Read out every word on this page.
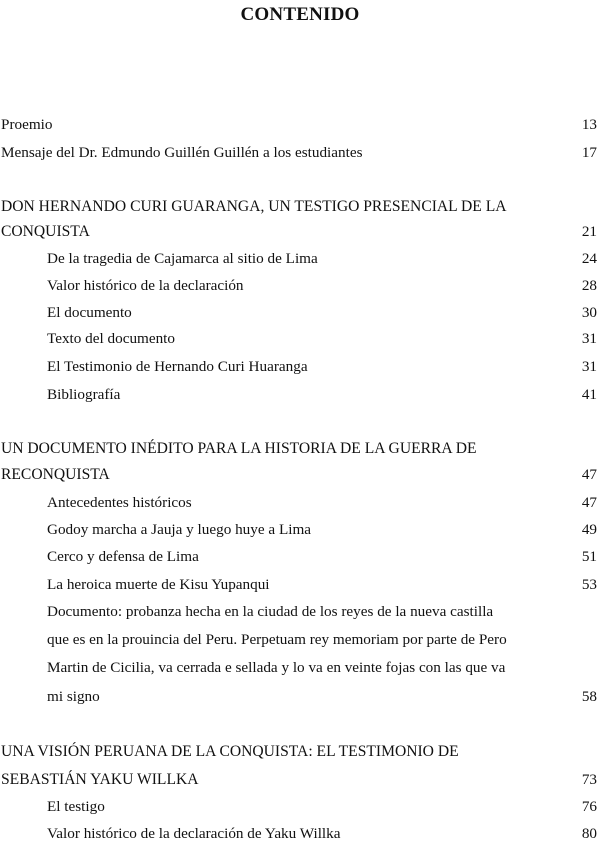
CONTENIDO
Proemio	13
Mensaje del Dr. Edmundo Guillén Guillén a los estudiantes	17
DON HERNANDO CURI GUARANGA, UN TESTIGO PRESENCIAL DE LA
CONQUISTA	21
De la tragedia de Cajamarca al sitio de Lima	24
Valor histórico de la declaración	28
El documento	30
Texto del documento	31
El Testimonio de Hernando Curi Huaranga	31
Bibliografía	41
UN DOCUMENTO INÉDITO PARA LA HISTORIA DE LA GUERRA DE
RECONQUISTA	47
Antecedentes históricos	47
Godoy marcha a Jauja y luego huye a Lima	49
Cerco y defensa de Lima	51
La heroica muerte de Kisu Yupanqui	53
Documento: probanza hecha en la ciudad de los reyes de la nueva castilla
que es en la prouincia del Peru. Perpetuam rey memoriam por parte de Pero
Martin de Cicilia, va cerrada e sellada y lo va en veinte fojas con las que va
mi signo	58
UNA VISIÓN PERUANA DE LA CONQUISTA: EL TESTIMONIO DE
SEBASTIÁN YAKU WILLKA	73
El testigo	76
Valor histórico de la declaración de Yaku Willka	80
